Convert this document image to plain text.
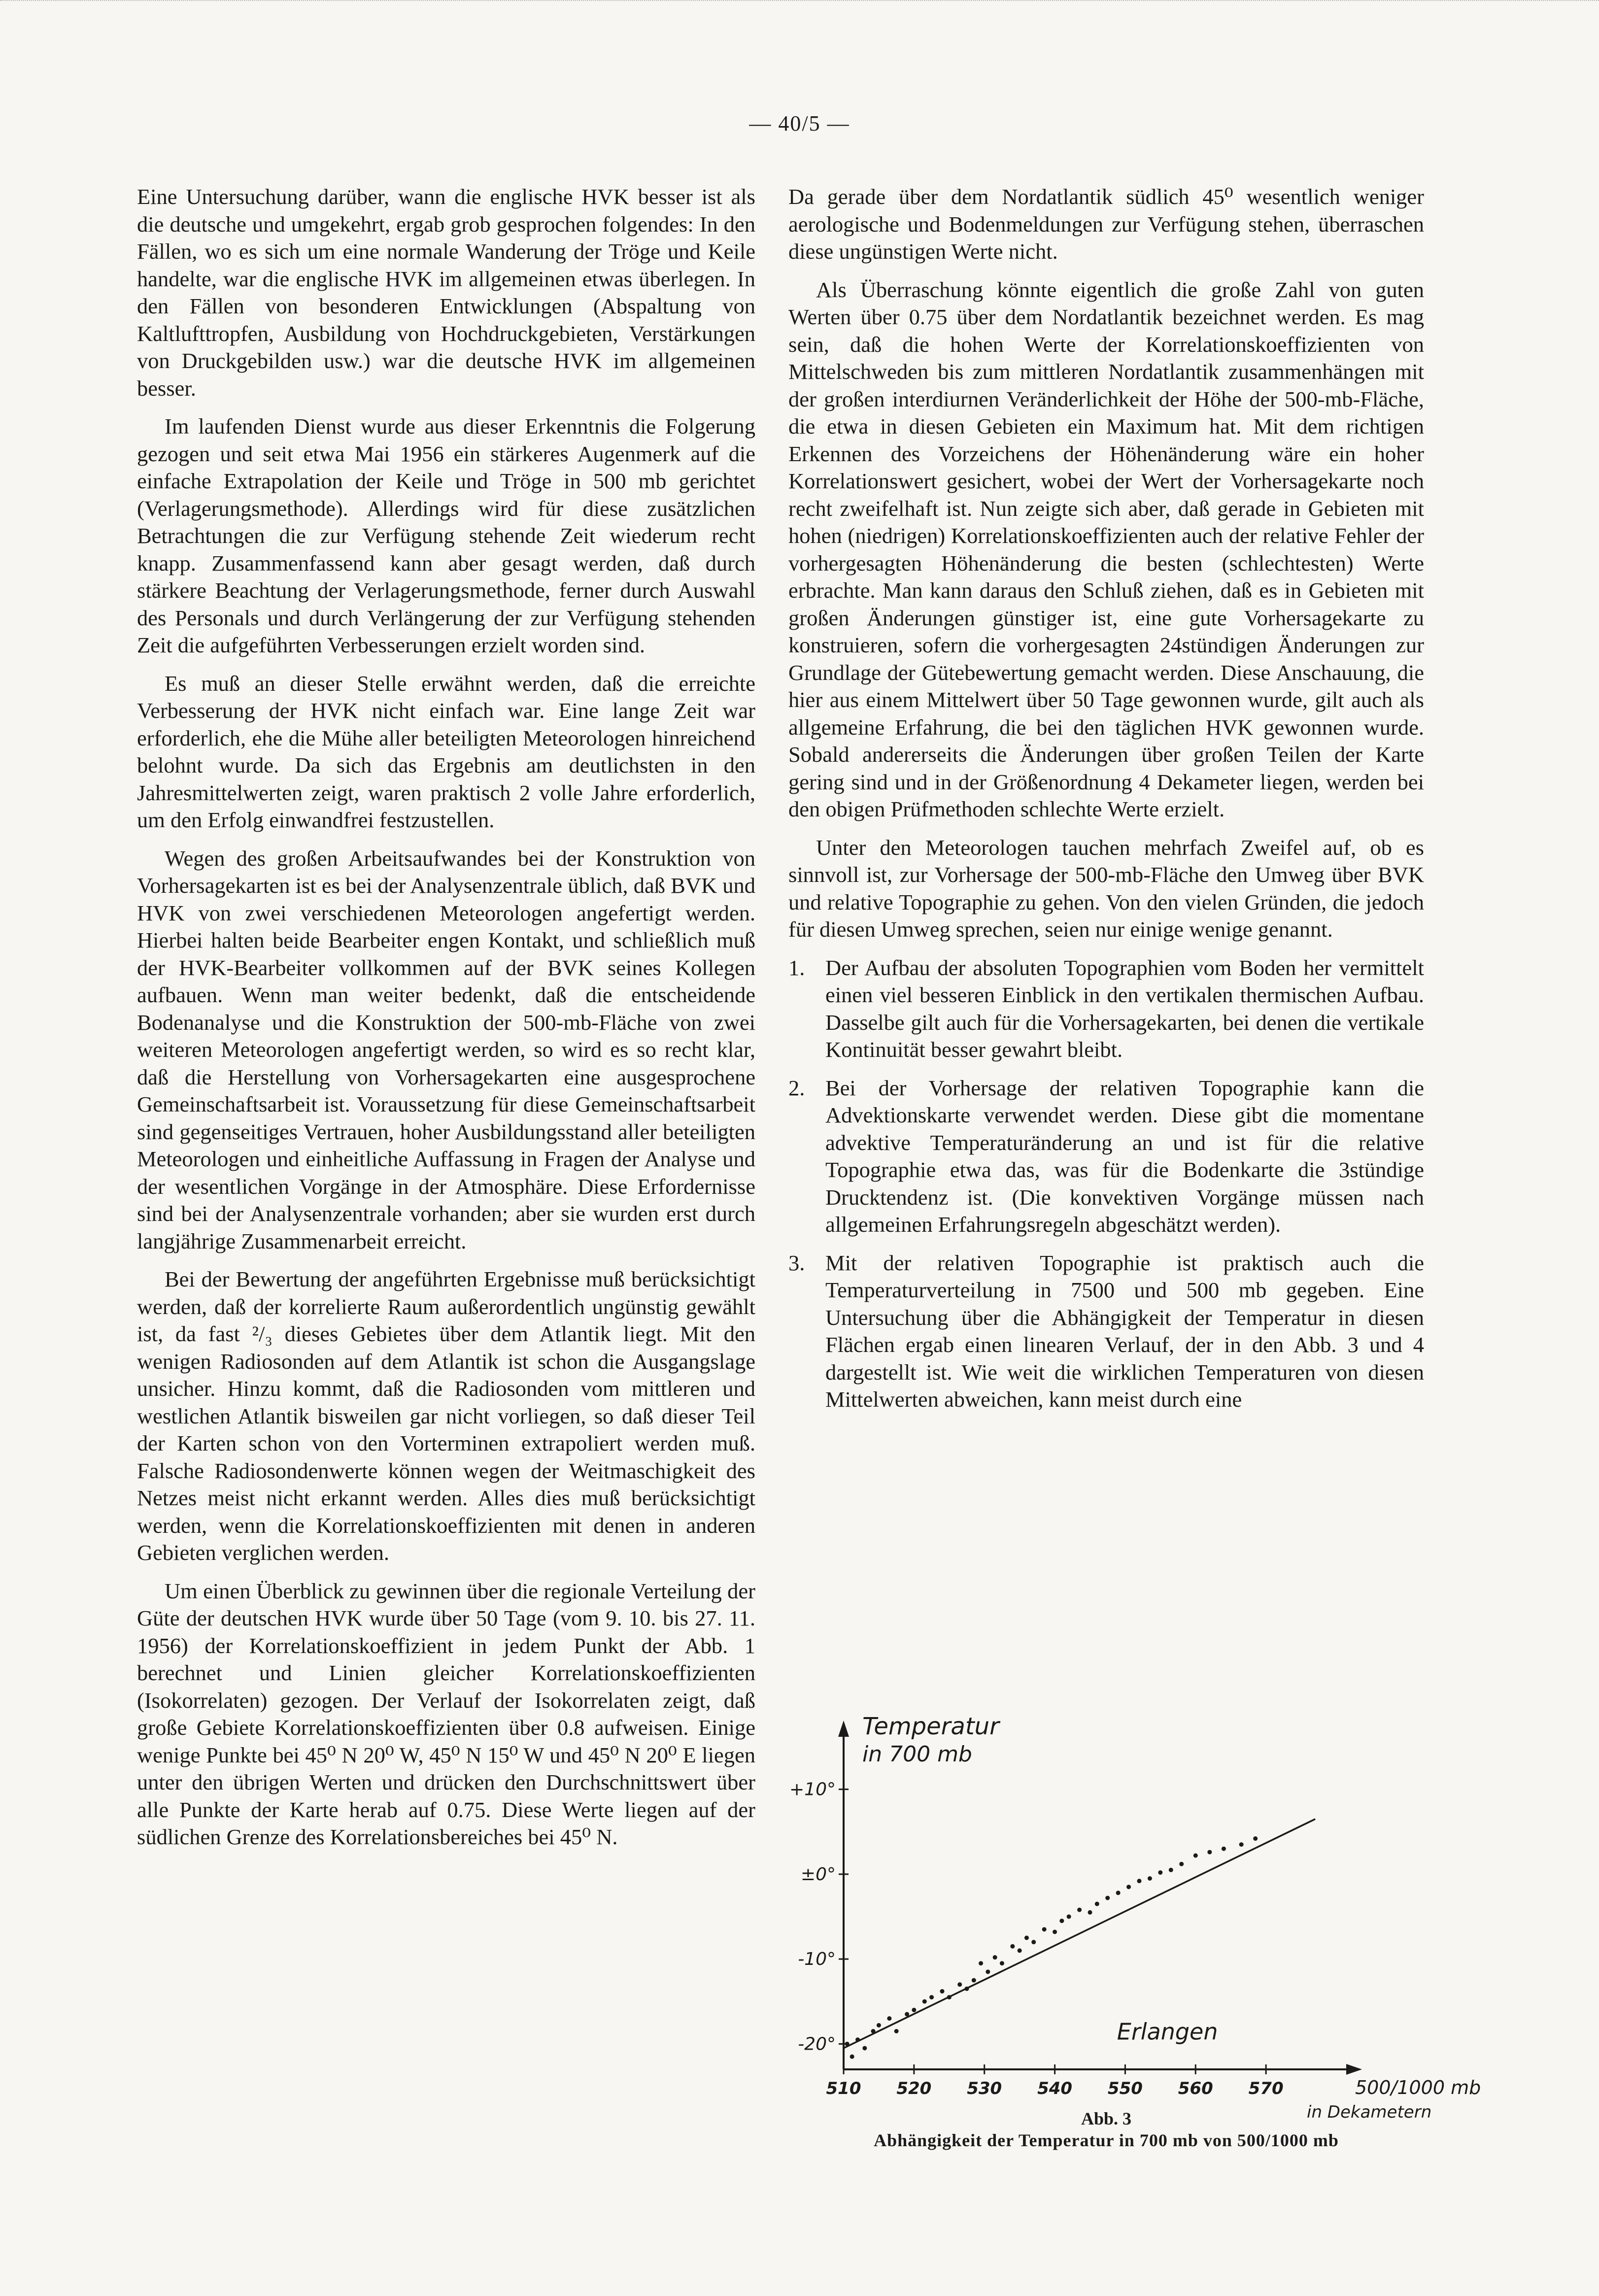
— 40/5 —

Eine Untersuchung darüber, wann die englische HVK besser ist als die deutsche und umgekehrt, ergab grob gesprochen folgendes: In den Fällen, wo es sich um eine normale Wanderung der Tröge und Keile handelte, war die englische HVK im allgemeinen etwas überlegen. In den Fällen von besonderen Entwicklungen (Abspaltung von Kaltlufttropfen, Ausbildung von Hochdruckgebieten, Verstärkungen von Druckgebilden usw.) war die deutsche HVK im allgemeinen besser.

Im laufenden Dienst wurde aus dieser Erkenntnis die Folgerung gezogen und seit etwa Mai 1956 ein stärkeres Augenmerk auf die einfache Extrapolation der Keile und Tröge in 500 mb gerichtet (Verlagerungsmethode). Allerdings wird für diese zusätzlichen Betrachtungen die zur Verfügung stehende Zeit wiederum recht knapp. Zusammenfassend kann aber gesagt werden, daß durch stärkere Beachtung der Verlagerungsmethode, ferner durch Auswahl des Personals und durch Verlängerung der zur Verfügung stehenden Zeit die aufgeführten Verbesserungen erzielt worden sind.

Es muß an dieser Stelle erwähnt werden, daß die erreichte Verbesserung der HVK nicht einfach war. Eine lange Zeit war erforderlich, ehe die Mühe aller beteiligten Meteorologen hinreichend belohnt wurde. Da sich das Ergebnis am deutlichsten in den Jahresmittelwerten zeigt, waren praktisch 2 volle Jahre erforderlich, um den Erfolg einwandfrei festzustellen.

Wegen des großen Arbeitsaufwandes bei der Konstruktion von Vorhersagekarten ist es bei der Analysenzentrale üblich, daß BVK und HVK von zwei verschiedenen Meteorologen angefertigt werden. Hierbei halten beide Bearbeiter engen Kontakt, und schließlich muß der HVK-Bearbeiter vollkommen auf der BVK seines Kollegen aufbauen. Wenn man weiter bedenkt, daß die entscheidende Bodenanalyse und die Konstruktion der 500-mb-Fläche von zwei weiteren Meteorologen angefertigt werden, so wird es so recht klar, daß die Herstellung von Vorhersagekarten eine ausgesprochene Gemeinschaftsarbeit ist. Voraussetzung für diese Gemeinschaftsarbeit sind gegenseitiges Vertrauen, hoher Ausbildungsstand aller beteiligten Meteorologen und einheitliche Auffassung in Fragen der Analyse und der wesentlichen Vorgänge in der Atmosphäre. Diese Erfordernisse sind bei der Analysenzentrale vorhanden; aber sie wurden erst durch langjährige Zusammenarbeit erreicht.

Bei der Bewertung der angeführten Ergebnisse muß berücksichtigt werden, daß der korrelierte Raum außerordentlich ungünstig gewählt ist, da fast ²/₃ dieses Gebietes über dem Atlantik liegt. Mit den wenigen Radiosonden auf dem Atlantik ist schon die Ausgangslage unsicher. Hinzu kommt, daß die Radiosonden vom mittleren und westlichen Atlantik bisweilen gar nicht vorliegen, so daß dieser Teil der Karten schon von den Vorterminen extrapoliert werden muß. Falsche Radiosondenwerte können wegen der Weitmaschigkeit des Netzes meist nicht erkannt werden. Alles dies muß berücksichtigt werden, wenn die Korrelationskoeffizienten mit denen in anderen Gebieten verglichen werden.

Um einen Überblick zu gewinnen über die regionale Verteilung der Güte der deutschen HVK wurde über 50 Tage (vom 9. 10. bis 27. 11. 1956) der Korrelationskoeffizient in jedem Punkt der Abb. 1 berechnet und Linien gleicher Korrelationskoeffizienten (Isokorrelaten) gezogen. Der Verlauf der Isokorrelaten zeigt, daß große Gebiete Korrelationskoeffizienten über 0.8 aufweisen. Einige wenige Punkte bei 45⁰ N 20⁰ W, 45⁰ N 15⁰ W und 45⁰ N 20⁰ E liegen unter den übrigen Werten und drücken den Durchschnittswert über alle Punkte der Karte herab auf 0.75. Diese Werte liegen auf der südlichen Grenze des Korrelationsbereiches bei 45⁰ N.

Da gerade über dem Nordatlantik südlich 45⁰ wesentlich weniger aerologische und Bodenmeldungen zur Verfügung stehen, überraschen diese ungünstigen Werte nicht.

Als Überraschung könnte eigentlich die große Zahl von guten Werten über 0.75 über dem Nordatlantik bezeichnet werden. Es mag sein, daß die hohen Werte der Korrelationskoeffizienten von Mittelschweden bis zum mittleren Nordatlantik zusammenhängen mit der großen interdiurnen Veränderlichkeit der Höhe der 500-mb-Fläche, die etwa in diesen Gebieten ein Maximum hat. Mit dem richtigen Erkennen des Vorzeichens der Höhenänderung wäre ein hoher Korrelationswert gesichert, wobei der Wert der Vorhersagekarte noch recht zweifelhaft ist. Nun zeigte sich aber, daß gerade in Gebieten mit hohen (niedrigen) Korrelationskoeffizienten auch der relative Fehler der vorhergesagten Höhenänderung die besten (schlechtesten) Werte erbrachte. Man kann daraus den Schluß ziehen, daß es in Gebieten mit großen Änderungen günstiger ist, eine gute Vorhersagekarte zu konstruieren, sofern die vorhergesagten 24stündigen Änderungen zur Grundlage der Gütebewertung gemacht werden. Diese Anschauung, die hier aus einem Mittelwert über 50 Tage gewonnen wurde, gilt auch als allgemeine Erfahrung, die bei den täglichen HVK gewonnen wurde. Sobald andererseits die Änderungen über großen Teilen der Karte gering sind und in der Größenordnung 4 Dekameter liegen, werden bei den obigen Prüfmethoden schlechte Werte erzielt.

Unter den Meteorologen tauchen mehrfach Zweifel auf, ob es sinnvoll ist, zur Vorhersage der 500-mb-Fläche den Umweg über BVK und relative Topographie zu gehen. Von den vielen Gründen, die jedoch für diesen Umweg sprechen, seien nur einige wenige genannt.

1. Der Aufbau der absoluten Topographien vom Boden her vermittelt einen viel besseren Einblick in den vertikalen thermischen Aufbau. Dasselbe gilt auch für die Vorhersagekarten, bei denen die vertikale Kontinuität besser gewahrt bleibt.
2. Bei der Vorhersage der relativen Topographie kann die Advektionskarte verwendet werden. Diese gibt die momentane advektive Temperaturänderung an und ist für die relative Topographie etwa das, was für die Bodenkarte die 3stündige Drucktendenz ist. (Die konvektiven Vorgänge müssen nach allgemeinen Erfahrungsregeln abgeschätzt werden).
3. Mit der relativen Topographie ist praktisch auch die Temperaturverteilung in 7500 und 500 mb gegeben. Eine Untersuchung über die Abhängigkeit der Temperatur in diesen Flächen ergab einen linearen Verlauf, der in den Abb. 3 und 4 dargestellt ist. Wie weit die wirklichen Temperaturen von diesen Mittelwerten abweichen, kann meist durch eine
+10°
±0°
-10°
-20°
510 520 530 540 550 560 570
Temperatur
in 700 mb
500/1000 mb
in Dekametern
Erlangen
Abb. 3
Abhängigkeit der Temperatur in 700 mb von 500/1000 mb
